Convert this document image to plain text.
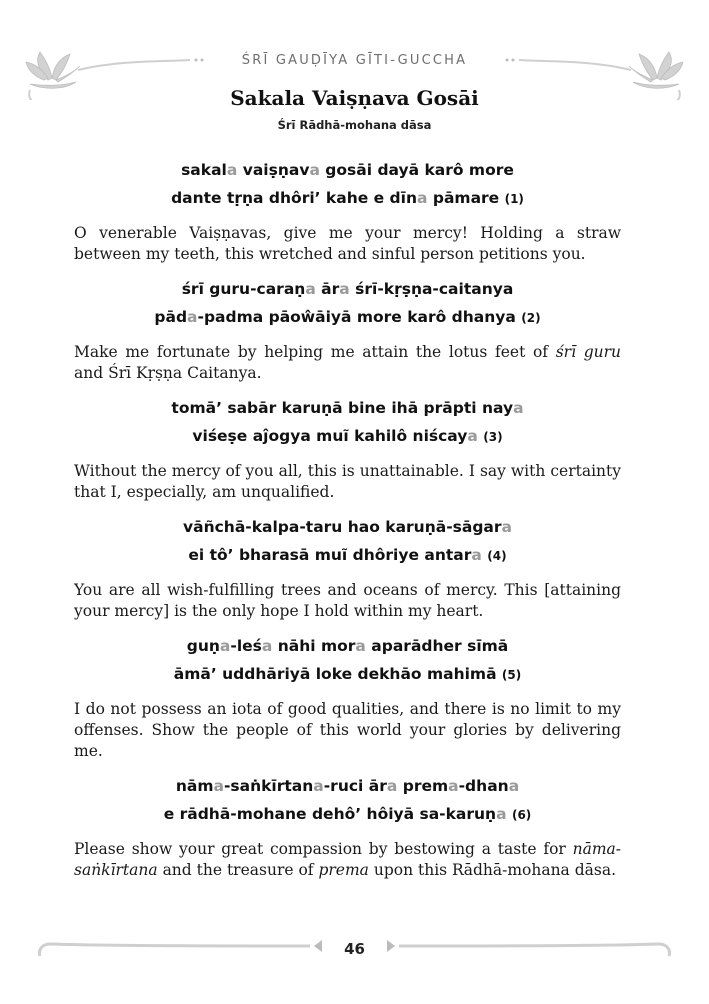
ŚRĪ GAUḌĪYA GĪTI-GUCCHA
Sakala Vaiṣṇava Gosāi
Śrī Rādhā-mohana dāsa
sakala vaiṣṇava gosāi dayā karô more
dante tṛṇa dhôri’ kahe e dīna pāmare (1)
O venerable Vaiṣṇavas, give me your mercy! Holding a straw between my teeth, this wretched and sinful person petitions you.
śrī guru-caraṇa āra śrī-kṛṣṇa-caitanya
pāda-padma pāoŵāiyā more karô dhanya (2)
Make me fortunate by helping me attain the lotus feet of śrī guru and Śrī Kṛṣṇa Caitanya.
tomā’ sabār karuṇā bine ihā prāpti naya
viśeṣe aĵogya muĩ kahilô niścaya (3)
Without the mercy of you all, this is unattainable. I say with certainty that I, especially, am unqualified.
vāñchā-kalpa-taru hao karuṇā-sāgara
ei tô’ bharasā muĩ dhôriye antara (4)
You are all wish-fulfilling trees and oceans of mercy. This [attaining your mercy] is the only hope I hold within my heart.
guṇa-leśa nāhi mora aparādher sīmā
āmā’ uddhāriyā loke dekhāo mahimā (5)
I do not possess an iota of good qualities, and there is no limit to my offenses. Show the people of this world your glories by delivering me.
nāma-saṅkīrtana-ruci āra prema-dhana
e rādhā-mohane dehô’ hôiyā sa-karuṇa (6)
Please show your great compassion by bestowing a taste for nāma-saṅkīrtana and the treasure of prema upon this Rādhā-mohana dāsa.
46
